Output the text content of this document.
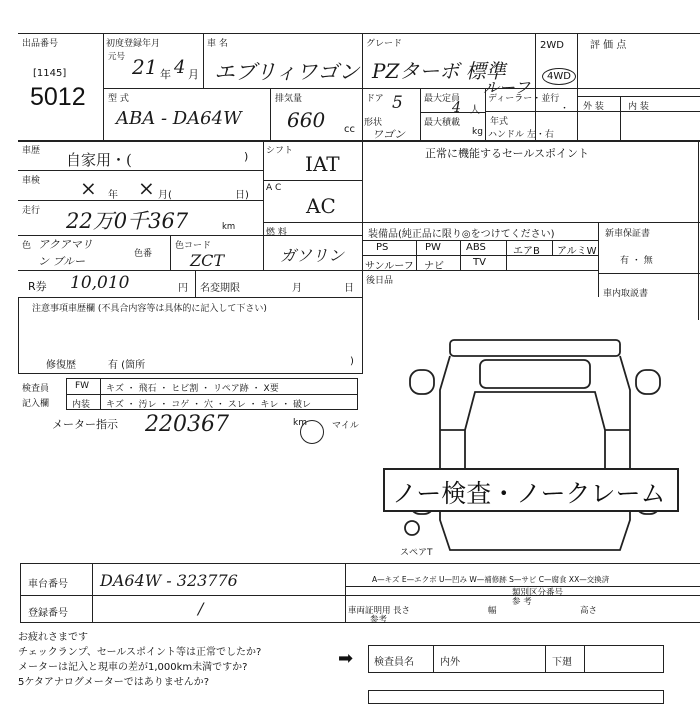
出品番号
[1145]
5012
初度登録年月
元号 21 年 4 月
車 名
エブリィワゴン
グレード
PZターボ 標準
ルーフ
2WD
4WD
評 価 点
型 式
ABA - DA64W
排気量
660 cc
ドア 5
形状
ワゴン
最大定員
4 人
最大積載
kg
ディーラー・並行
・
年式
ハンドル 左・右
外 装	内 装
車歴 自家用・(	)
車検 × 年 × 月(	日)
走行 22万0千367	km
色 アクアマリン ブルー
色番
色コード
ZCT
シフト
IAT
A C
AC
燃 料
ガソリン
R券 10,010	円 名変期限	月	日
正常に機能するセールスポイント
装備品(純正品に限り◎をつけてください)
PS	PW	ABS	エアB アルミW
サンルーフ ナビ	TV
後日品
新車保証書
有 ・ 無
車内取説書
注意事項車歴欄 (不具合内容等は具体的に記入して下さい)
修復歴	有 (箇所	)
検査員
記入欄
FW キズ ・ 飛石 ・ ヒビ割 ・ リペア跡 ・ X要
内装 キズ ・ 汚レ ・ コゲ ・ 穴 ・ スレ ・ キレ ・ 破レ
メーター指示 220367	km	マイル
スペアT
ノー検査・ノークレーム
車台番号 DA64W - 323776
登録番号	/
A—キズ E—エクボ U—凹み W—補修跡 S—サビ C—腐食 XX—交換済
類別区分番号
参 考
車両証明用 長さ	幅	高さ
参考
お疲れさまです
チェックランプ、セールスポイント等は正常でしたか?
メーターは記入と現車の差が1,000km未満ですか?
5ケタアナログメーターではありませんか?
➡ 検査員名	内外	下廻
